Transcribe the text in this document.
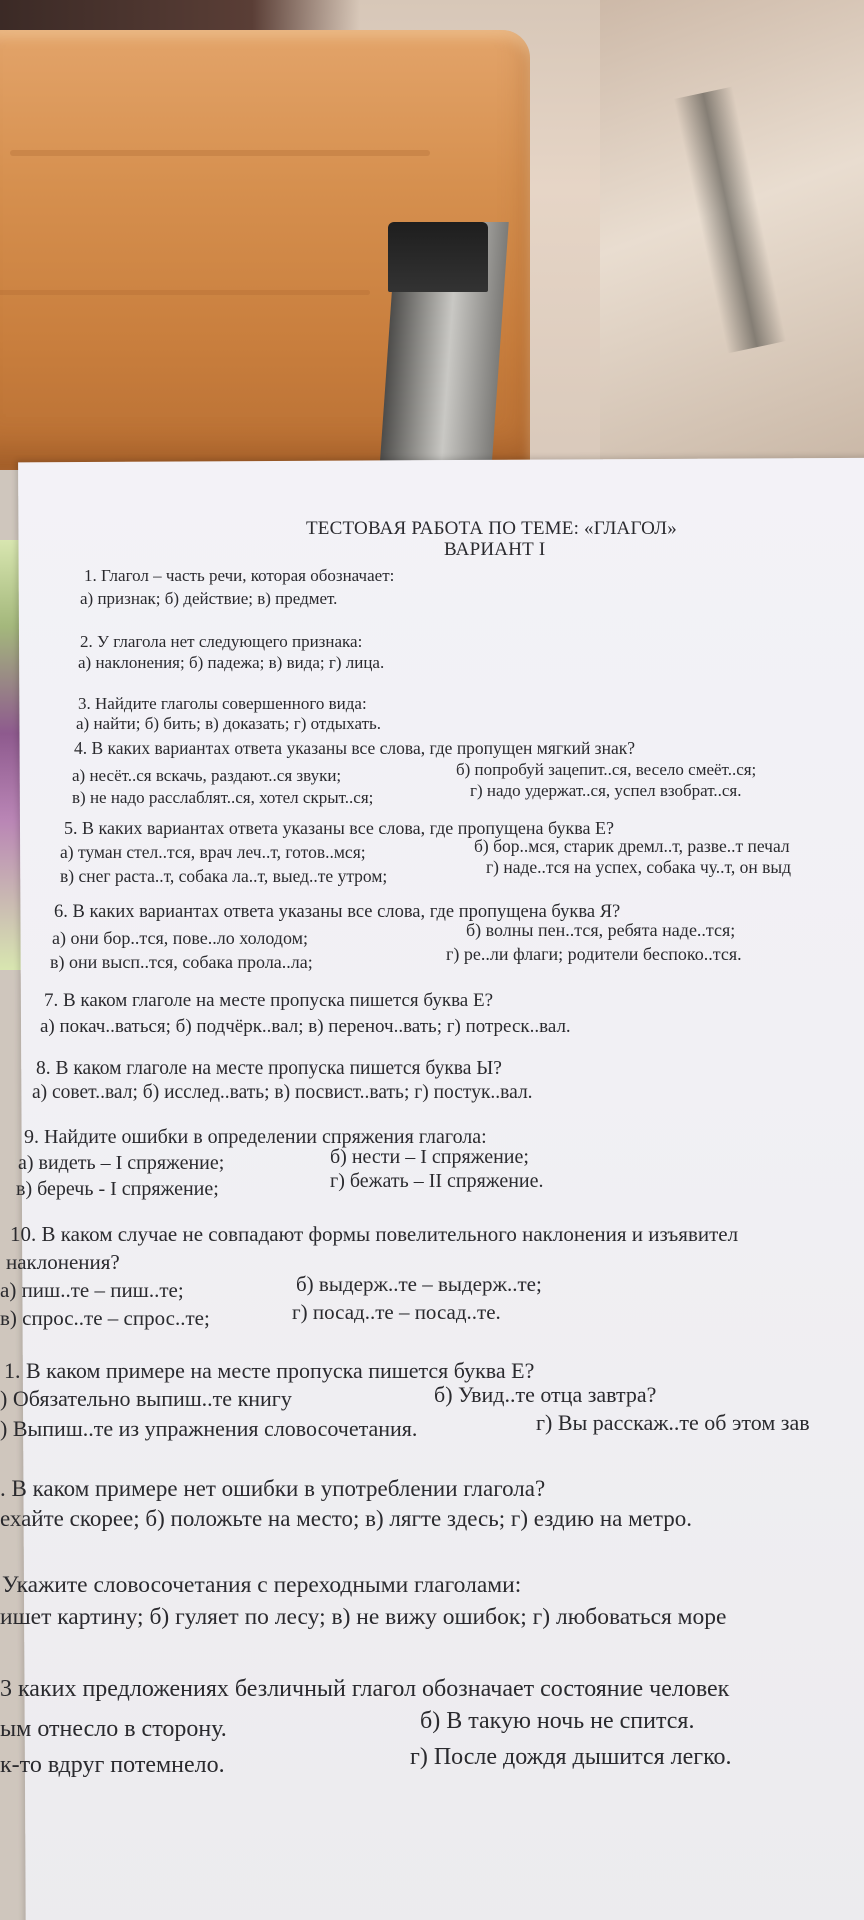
ТЕСТОВАЯ РАБОТА ПО ТЕМЕ: «ГЛАГОЛ»
ВАРИАНТ I
1. Глагол – часть речи, которая обозначает:
а) признак; б) действие; в) предмет.
2. У глагола нет следующего признака:
а) наклонения; б) падежа; в) вида; г) лица.
3. Найдите глаголы совершенного вида:
а) найти; б) бить; в) доказать; г) отдыхать.
4. В каких вариантах ответа указаны все слова, где пропущен мягкий знак?
а) несёт..ся вскачь, раздают..ся звуки;	б) попробуй зацепит..ся, весело смеёт..ся;
в) не надо расслаблят..ся, хотел скрыт..ся;	г) надо удержат..ся, успел взобрат..ся.
5. В каких вариантах ответа указаны все слова, где пропущена буква Е?
а) туман стел..тся, врач леч..т, готов..мся;	б) бор..мся, старик дремл..т, разве..т печал
в) снег раста..т, собака ла..т, выед..те утром;	г) наде..тся на успех, собака чу..т, он выд
6. В каких вариантах ответа указаны все слова, где пропущена буква Я?
а) они бор..тся, пове..ло холодом;	б) волны пен..тся, ребята наде..тся;
в) они высп..тся, собака прола..ла;	г) ре..ли флаги; родители беспоко..тся.
7. В каком глаголе на месте пропуска пишется буква Е?
а) покач..ваться; б) подчёрк..вал; в) переноч..вать; г) потреск..вал.
8. В каком глаголе на месте пропуска пишется буква Ы?
а) совет..вал; б) исслед..вать; в) посвист..вать; г) постук..вал.
9. Найдите ошибки в определении спряжения глагола:
а) видеть – I спряжение;	б) нести – I спряжение;
в) беречь - I спряжение;	г) бежать – II спряжение.
10. В каком случае не совпадают формы повелительного наклонения и изъявител
наклонения?
а) пиш..те – пиш..те;	б) выдерж..те – выдерж..те;
в) спрос..те – спрос..те;	г) посад..те – посад..те.
1. В каком примере на месте пропуска пишется буква Е?
) Обязательно выпиш..те книгу	б) Увид..те отца завтра?
) Выпиш..те из упражнения словосочетания.	г) Вы расскаж..те об этом зав
. В каком примере нет ошибки в употреблении глагола?
ехайте скорее; б) положьте на место; в) лягте здесь; г) ездию на метро.
Укажите словосочетания с переходными глаголами:
ишет картину; б) гуляет по лесу; в) не вижу ошибок; г) любоваться море
3 каких предложениях безличный глагол обозначает состояние человек
ым отнесло в сторону.	б) В такую ночь не спится.
к-то вдруг потемнело.	г) После дождя дышится легко.
